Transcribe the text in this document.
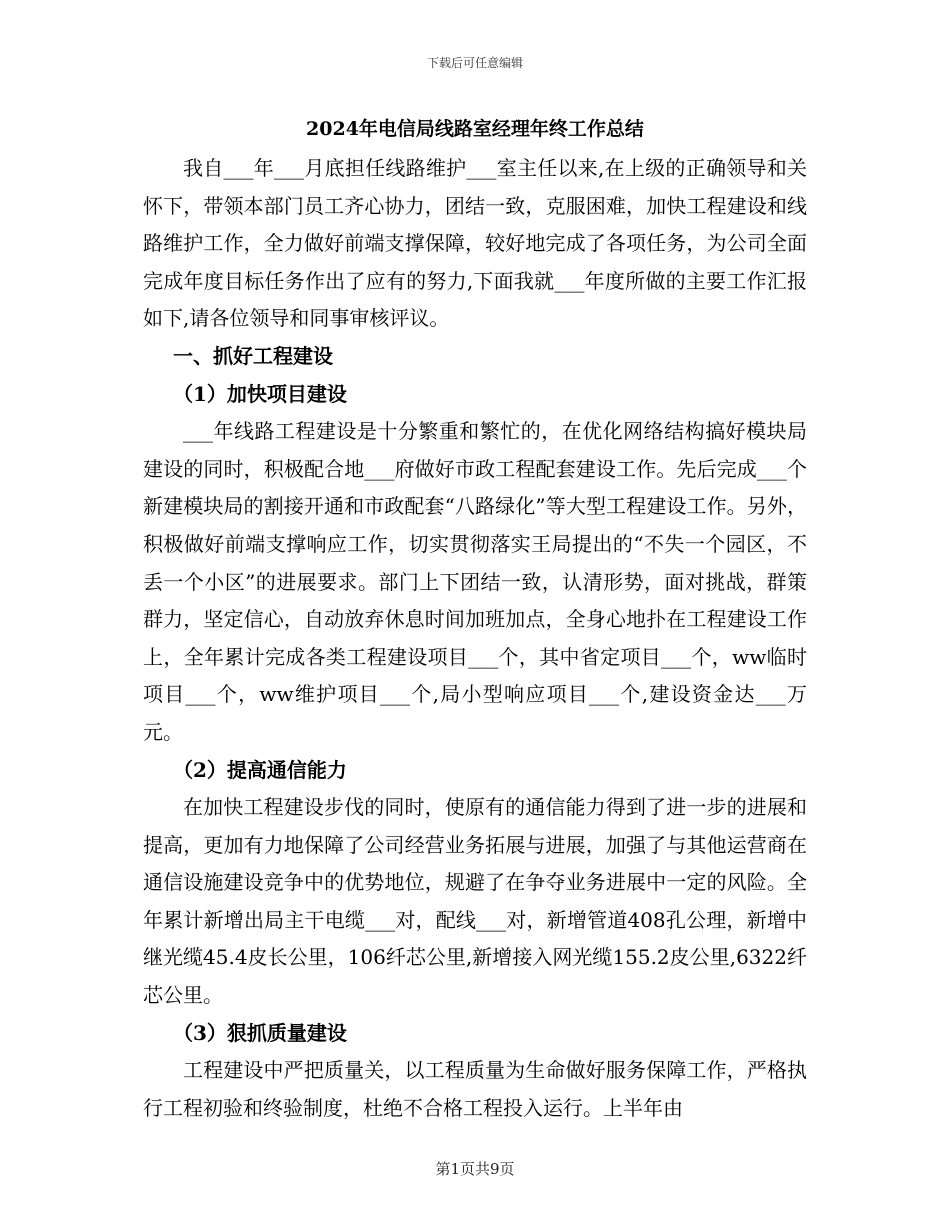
下载后可任意编辑
2024年电信局线路室经理年终工作总结

我自___年___月底担任线路维护___室主任以来,在上级的正确领导和关怀下，带领本部门员工齐心协力，团结一致，克服困难，加快工程建设和线路维护工作，全力做好前端支撑保障，较好地完成了各项任务，为公司全面完成年度目标任务作出了应有的努力,下面我就___年度所做的主要工作汇报如下,请各位领导和同事审核评议。

一、抓好工程建设

（1）加快项目建设

___年线路工程建设是十分繁重和繁忙的，在优化网络结构搞好模块局建设的同时，积极配合地___府做好市政工程配套建设工作。先后完成___个新建模块局的割接开通和市政配套“八路绿化”等大型工程建设工作。另外，积极做好前端支撑响应工作，切实贯彻落实王局提出的“不失一个园区，不丢一个小区”的进展要求。部门上下团结一致，认清形势，面对挑战，群策群力，坚定信心，自动放弃休息时间加班加点，全身心地扑在工程建设工作上，全年累计完成各类工程建设项目___个，其中省定项目___个，ww临时项目___个，ww维护项目___个,局小型响应项目___个,建设资金达___万元。

（2）提高通信能力

在加快工程建设步伐的同时，使原有的通信能力得到了进一步的进展和提高，更加有力地保障了公司经营业务拓展与进展，加强了与其他运营商在通信设施建设竞争中的优势地位，规避了在争夺业务进展中一定的风险。全年累计新增出局主干电缆___对，配线___对，新增管道408孔公理，新增中继光缆45.4皮长公里，106纤芯公里,新增接入网光缆155.2皮公里,6322纤芯公里。

（3）狠抓质量建设

工程建设中严把质量关，以工程质量为生命做好服务保障工作，严格执行工程初验和终验制度，杜绝不合格工程投入运行。上半年由

第1页共9页
